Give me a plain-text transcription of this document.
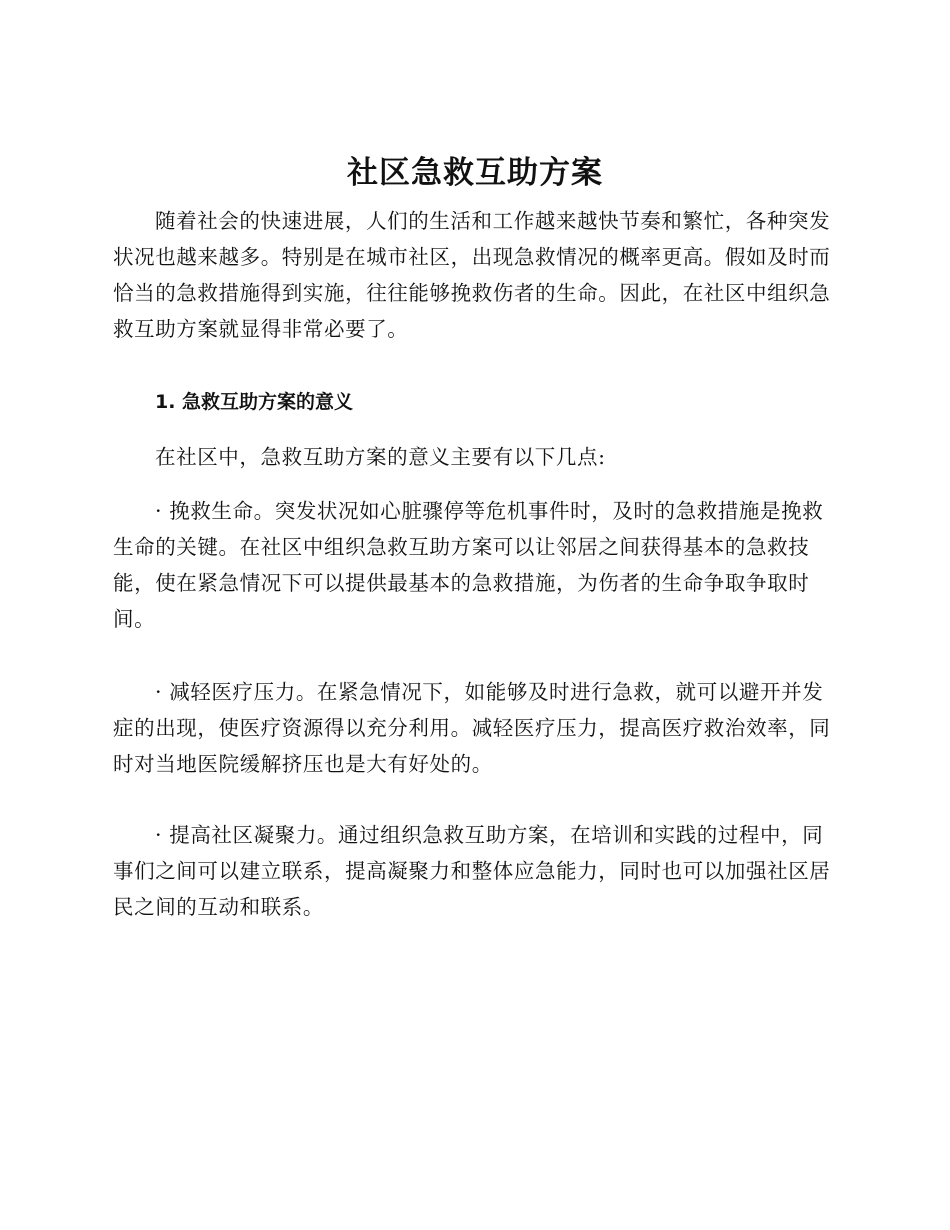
社区急救互助方案

随着社会的快速进展，人们的生活和工作越来越快节奏和繁忙，各种突发状况也越来越多。特别是在城市社区，出现急救情况的概率更高。假如及时而恰当的急救措施得到实施，往往能够挽救伤者的生命。因此，在社区中组织急救互助方案就显得非常必要了。

1. 急救互助方案的意义

在社区中，急救互助方案的意义主要有以下几点:

· 挽救生命。突发状况如心脏骤停等危机事件时，及时的急救措施是挽救生命的关键。在社区中组织急救互助方案可以让邻居之间获得基本的急救技能，使在紧急情况下可以提供最基本的急救措施，为伤者的生命争取争取时间。

· 减轻医疗压力。在紧急情况下，如能够及时进行急救，就可以避开并发症的出现，使医疗资源得以充分利用。减轻医疗压力，提高医疗救治效率，同时对当地医院缓解挤压也是大有好处的。

· 提高社区凝聚力。通过组织急救互助方案，在培训和实践的过程中，同事们之间可以建立联系，提高凝聚力和整体应急能力，同时也可以加强社区居民之间的互动和联系。
